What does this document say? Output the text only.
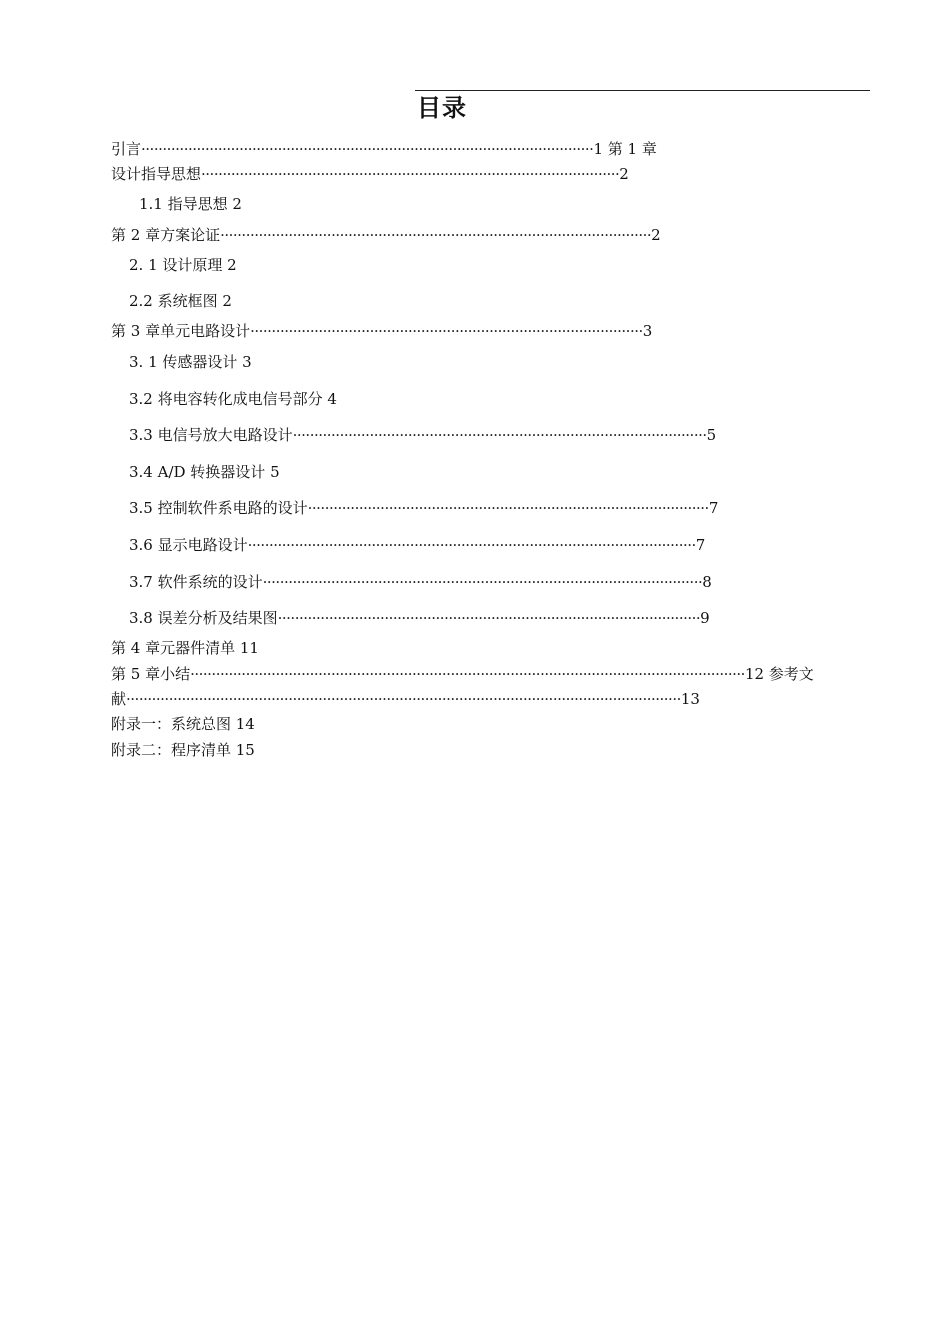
目录
引言··········································································································1 第 1 章
设计指导思想··································································································2
1.1 指导思想 2
第 2 章方案论证·····································································································2
2. 1 设计原理 2
2.2 系统框图 2
第 3 章单元电路设计····························································································3
3. 1 传感器设计 3
3.2 将电容转化成电信号部分 4
3.3 电信号放大电路设计·································································································5
3.4 A/D 转换器设计 5
3.5 控制软件系电路的设计······························································································7
3.6 显示电路设计·········································································································7
3.7 软件系统的设计·······································································································8
3.8 误差分析及结果图···································································································9
第 4 章元器件清单 11
第 5 章小结··································································································································12 参考文
献··································································································································13
附录一：系统总图 14
附录二：程序清单 15
